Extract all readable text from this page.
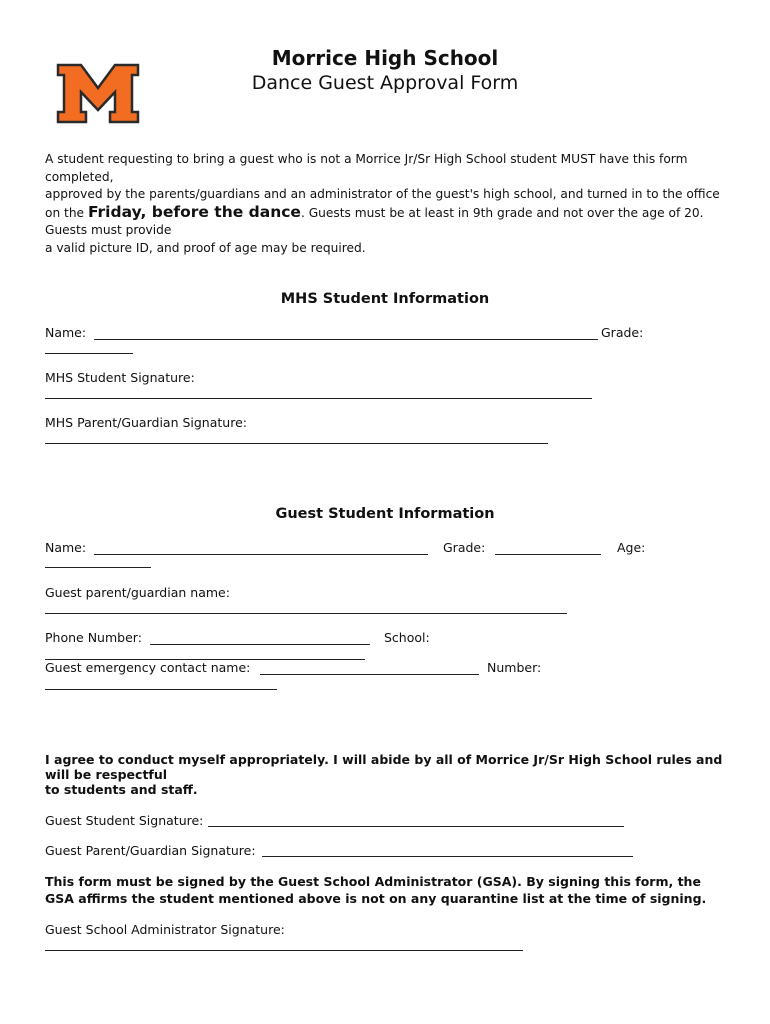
Morrice High School
Dance Guest Approval Form
A student requesting to bring a guest who is not a Morrice Jr/Sr High School student MUST have this form completed,
approved by the parents/guardians and an administrator of the guest's high school, and turned in to the office
on the Friday, before the dance. Guests must be at least in 9th grade and not over the age of 20. Guests must provide
a valid picture ID, and proof of age may be required.
MHS Student Information
Name:	Grade:
MHS Student Signature:
MHS Parent/Guardian Signature:
Guest Student Information
Name:	Grade:	Age:
Guest parent/guardian name:
Phone Number:	School:
Guest emergency contact name:	Number:
I agree to conduct myself appropriately. I will abide by all of Morrice Jr/Sr High School rules and will be respectful
to students and staff.
Guest Student Signature:
Guest Parent/Guardian Signature:
This form must be signed by the Guest School Administrator (GSA). By signing this form, the GSA affirms the student mentioned above is not on any quarantine list at the time of signing.
Guest School Administrator Signature:
